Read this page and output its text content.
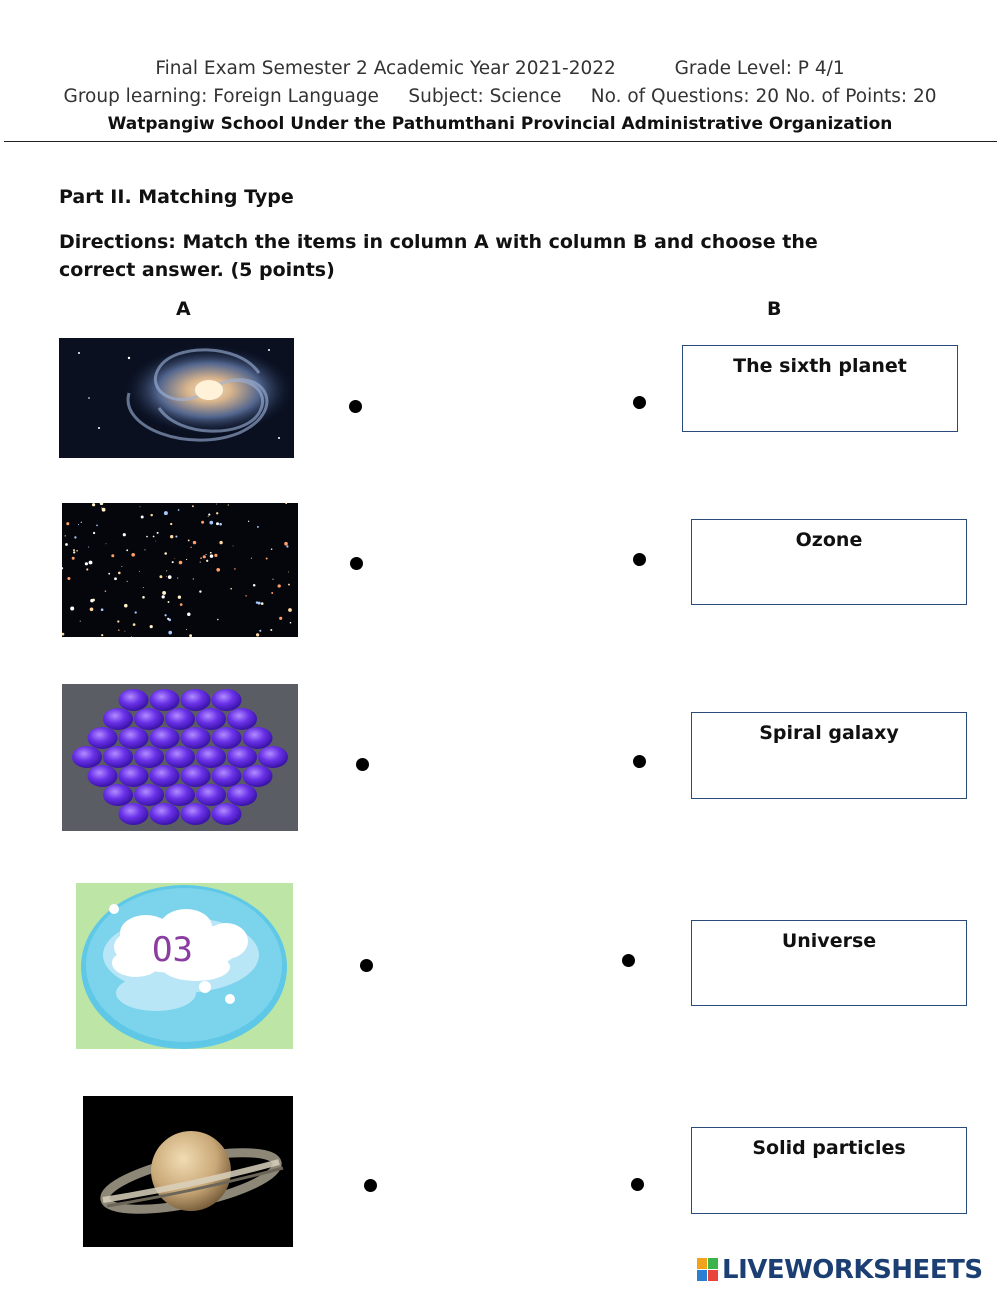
Final Exam Semester 2 Academic Year 2021-2022          Grade Level: P 4/1
Group learning: Foreign Language     Subject: Science     No. of Questions: 20 No. of Points: 20
Watpangiw School Under the Pathumthani Provincial Administrative Organization
Part II. Matching Type
Directions: Match the items in column A with column B and choose the correct answer. (5 points)
A	B
O3
The sixth planet
Ozone
Spiral galaxy
Universe
Solid particles
LIVEWORKSHEETS
